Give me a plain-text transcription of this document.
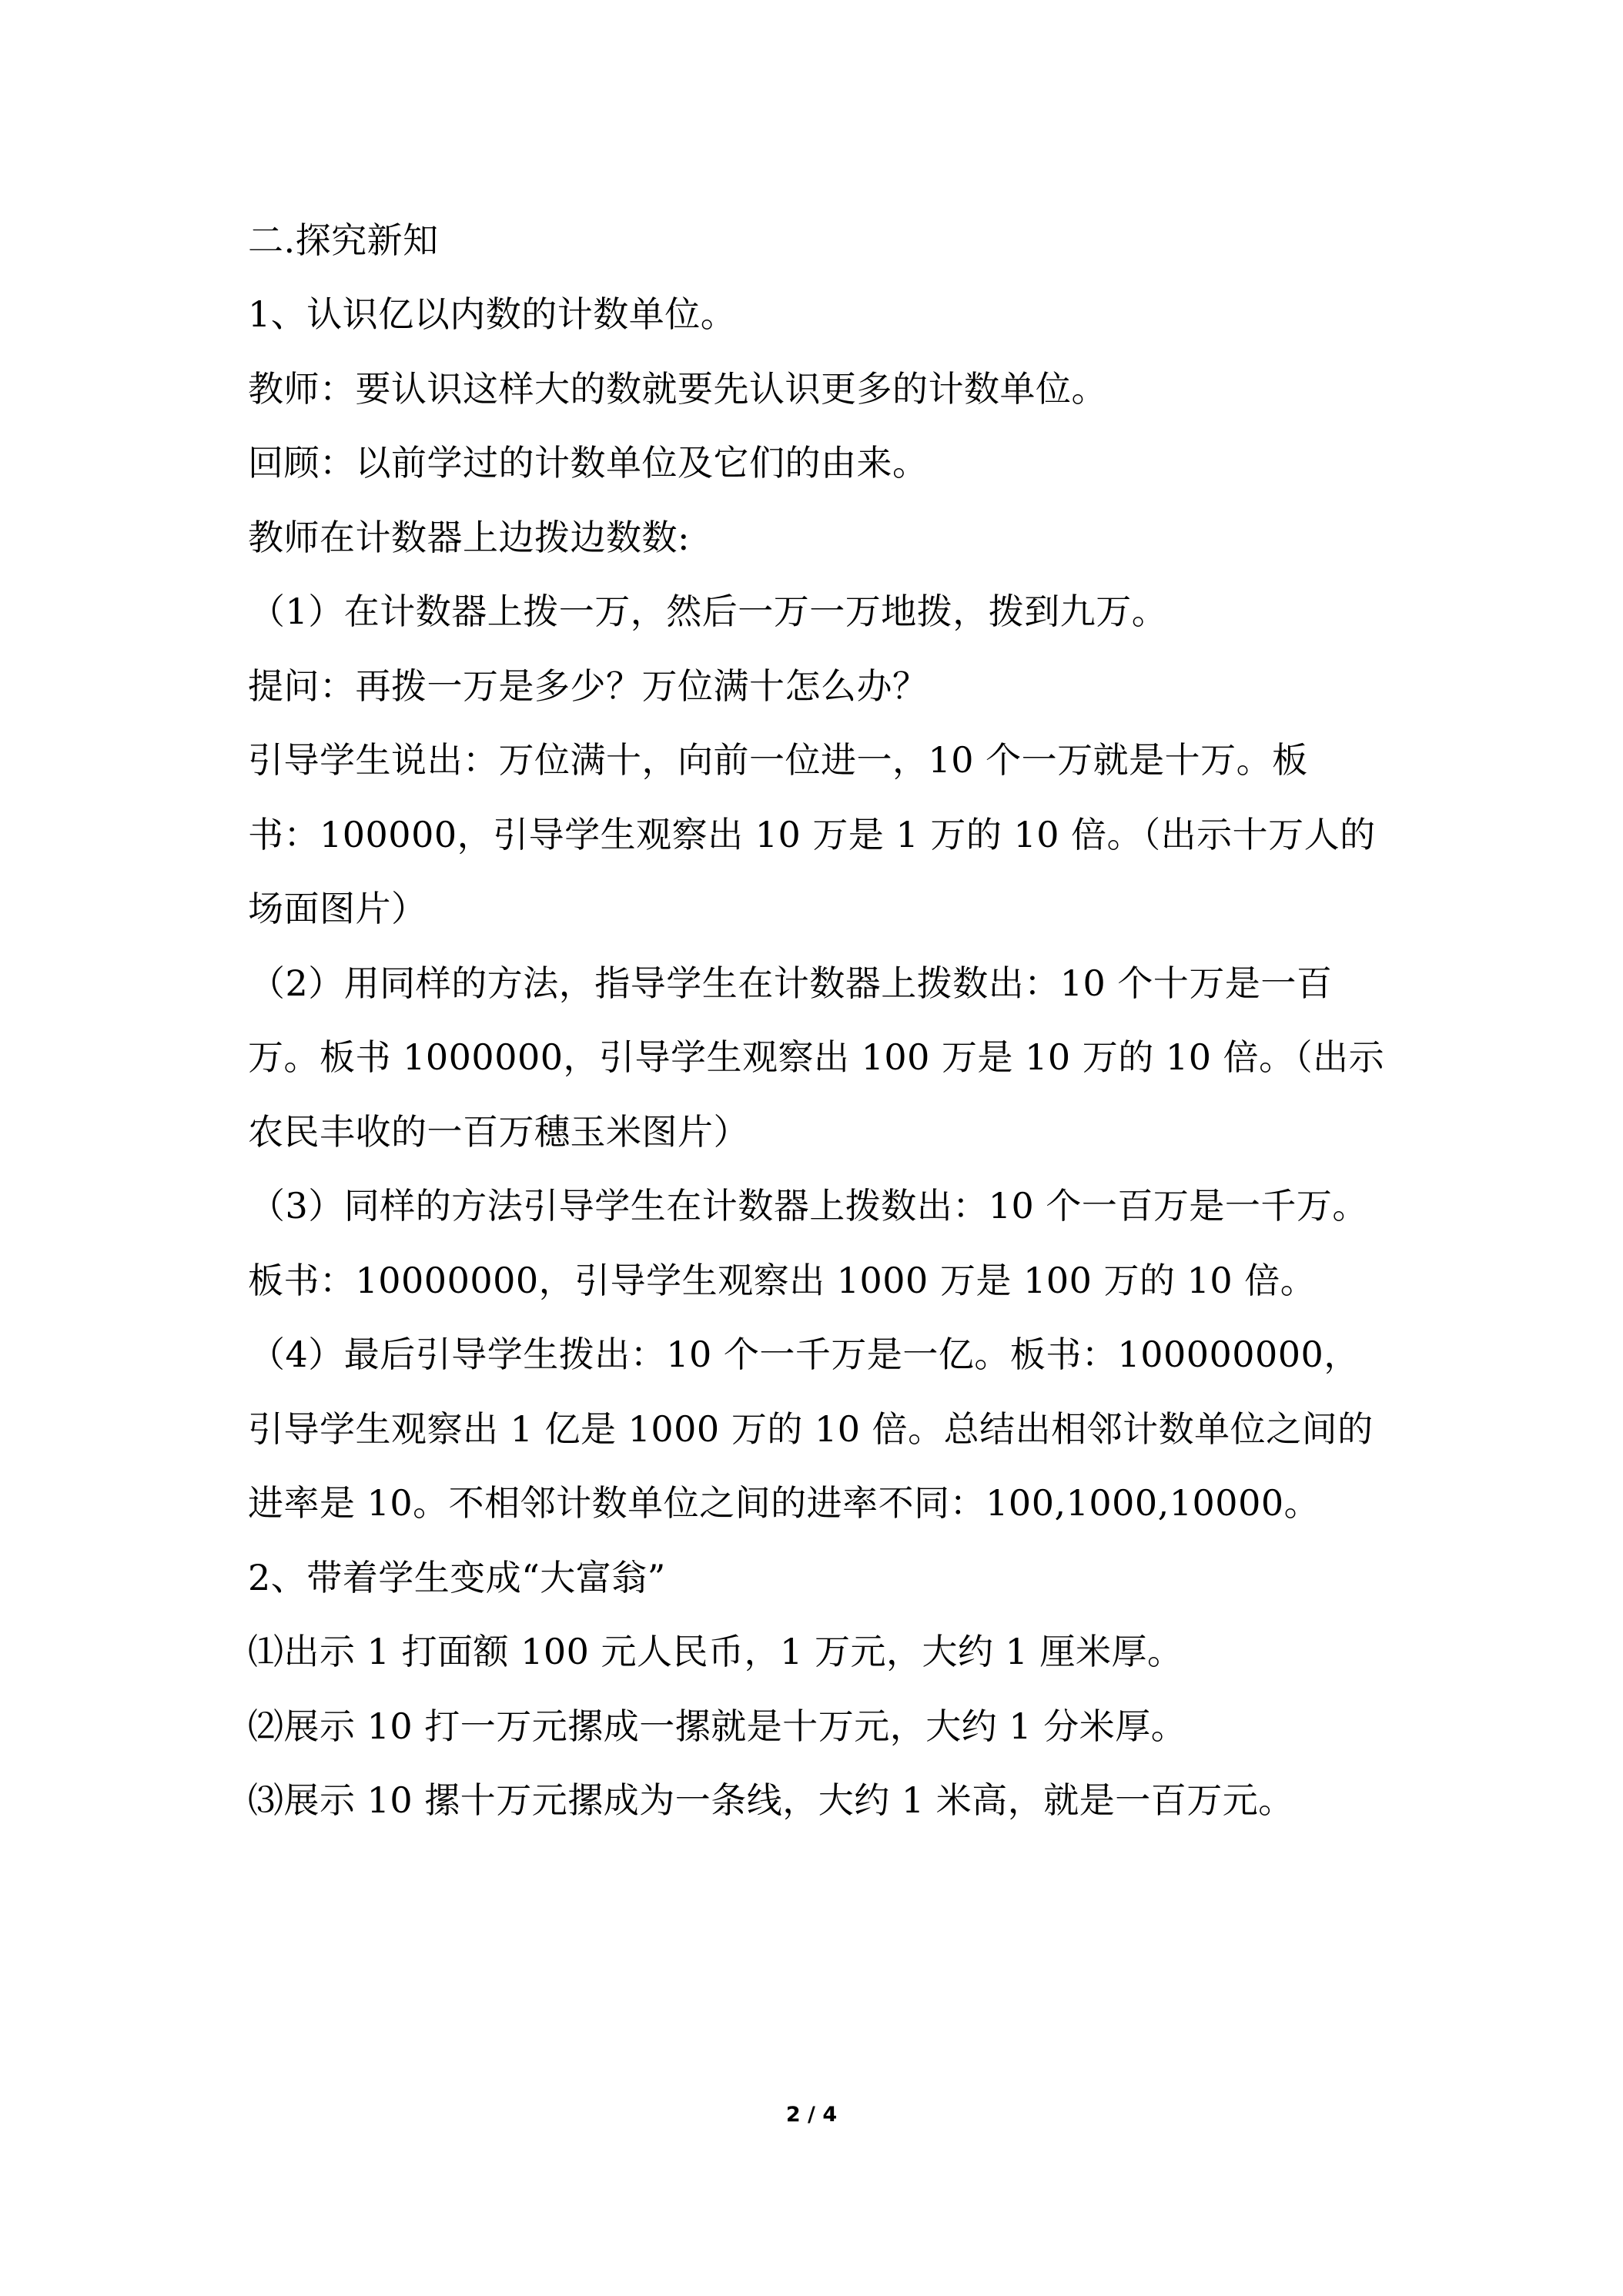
二.探究新知
1、认识亿以内数的计数单位。
教师：要认识这样大的数就要先认识更多的计数单位。
回顾：以前学过的计数单位及它们的由来。
教师在计数器上边拨边数数:
（1）在计数器上拨一万，然后一万一万地拨，拨到九万。
提问：再拨一万是多少？万位满十怎么办？
引导学生说出：万位满十，向前一位进一，10 个一万就是十万。板
书：100000，引导学生观察出 10 万是 1 万的 10 倍。（出示十万人的
场面图片）
（2）用同样的方法，指导学生在计数器上拨数出：10 个十万是一百
万。板书 1000000，引导学生观察出 100 万是 10 万的 10 倍。（出示
农民丰收的一百万穗玉米图片）
（3）同样的方法引导学生在计数器上拨数出：10 个一百万是一千万。
板书：10000000，引导学生观察出 1000 万是 100 万的 10 倍。
（4）最后引导学生拨出：10 个一千万是一亿。板书：100000000，
引导学生观察出 1 亿是 1000 万的 10 倍。总结出相邻计数单位之间的
进率是 10。不相邻计数单位之间的进率不同：100,1000,10000。
2、带着学生变成“大富翁”
⑴出示 1 打面额 100 元人民币，1 万元，大约 1 厘米厚。
⑵展示 10 打一万元摞成一摞就是十万元，大约 1 分米厚。
⑶展示 10 摞十万元摞成为一条线，大约 1 米高，就是一百万元。
2 / 4
